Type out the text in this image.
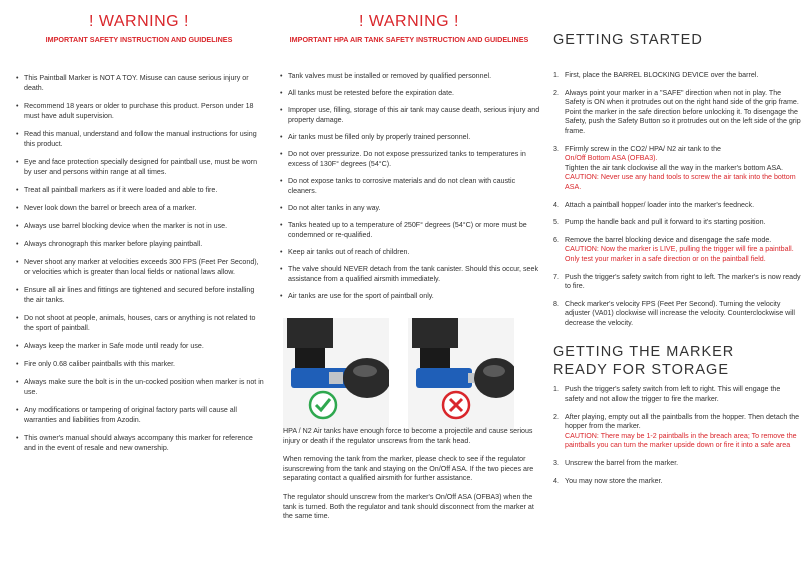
! WARNING !
IMPORTANT SAFETY INSTRUCTION AND GUIDELINES
• This Paintball Marker is NOT A TOY. Misuse can cause serious injury or death.
• Recommend 18 years or older to purchase this product. Person under 18 must have adult supervision.
• Read this manual, understand and follow the manual instructions for using this product.
• Eye and face protection specially designed for paintball use, must be worn by user and persons within range at all times.
• Treat all paintball markers as if it were loaded and able to fire.
• Never look down the barrel or breech area of a marker.
• Always use barrel blocking device when the marker is not in use.
• Always chronograph this marker before playing paintball.
• Never shoot any marker at velocities exceeds 300 FPS (Feet Per Second), or velocities which is greater than local fields or national laws allow.
• Ensure all air lines and fittings are tightened and secured before installing the air tanks.
• Do not shoot at people, animals, houses, cars or anything is not related to the sport of paintball.
• Always keep the marker in Safe mode until ready for use.
• Fire only 0.68 caliber paintballs with this marker.
• Always make sure the bolt is in the un-cocked position when marker is not in use.
• Any modifications or tampering of original factory parts will cause all warranties and liabilities from Azodin.
• This owner's manual should always accompany this marker for reference and in the event of resale and new ownership.
! WARNING !
IMPORTANT HPA AIR TANK SAFETY INSTRUCTION AND GUIDELINES
• Tank valves must be installed or removed by qualified personnel.
• All tanks must be retested before the expiration date.
• Improper use, filling, storage of this air tank may cause death, serious injury and property damage.
• Air tanks must be filled only by properly trained personnel.
• Do not over pressurize. Do not expose pressurized tanks to temperatures in excess of 130F° degrees (54°C).
• Do not expose tanks to corrosive materials and do not clean with caustic cleaners.
• Do not alter tanks in any way.
• Tanks heated up to a temperature of 250F° degrees (54°C) or more must be condemned or re-qualified.
• Keep air tanks out of reach of children.
• The valve should NEVER detach from the tank canister. Should this occur, seek assistance from a qualified airsmith immediately.
• Air tanks are use for the sport of paintball only.
HPA / N2 Air tanks have enough force to become a projectile and cause serious injury or death if the regulator unscrews from the tank head.
When removing the tank from the marker, please check to see if the regulator isunscrewing from the tank and staying on the On/Off ASA. If the two pieces are separating contact a qualified airsmith for further assistance.
The regulator should unscrew from the marker's On/Off ASA (OFBA3) when the tank is turned. Both the regulator and tank should disconnect from the marker at the same time.
GETTING STARTED
1. First, place the BARREL BLOCKING DEVICE over the barrel.
2. Always point your marker in a "SAFE" direction when not in play. The Safety is ON when it protrudes out on the right hand side of the grip frame. Point the marker in the safe direction before unlocking it. To disengage the Safety, push the Safety Button so it protrudes out on the left side of the grip frame.
3. FFirmly screw in the CO2/ HPA/ N2 air tank to the
On/Off Bottom ASA (OFBA3).
Tighten the air tank clockwise all the way in the marker's bottom ASA.
CAUTION: Never use any hand tools to screw the air tank into the bottom ASA.
4. Attach a paintball hopper/ loader into the marker's feedneck.
5. Pump the handle back and pull it forward to it's starting position.
6. Remove the barrel blocking device and disengage the safe mode.
CAUTION: Now the marker is LIVE, pulling the trigger will fire a paintball. Only test your marker in a safe direction or on the paintball field.
7. Push the trigger's safety switch from right to left. The marker's is now ready to fire.
8. Check marker's velocity FPS (Feet Per Second). Turning the velocity adjuster (VA01) clockwise will increase the velocity. Counterclockwise will decrease the velocity.
GETTING THE MARKER
READY FOR STORAGE
1. Push the trigger's safety switch from left to right. This will engage the safety and not allow the trigger to fire the marker.
2. After playing, empty out all the paintballs from the hopper. Then detach the hopper from the marker.
CAUTION: There may be 1-2 paintballs in the breach area; To remove the paintballs you can turn the marker upside down or fire it into a safe area
3. Unscrew the barrel from the marker.
4. You may now store the marker.
